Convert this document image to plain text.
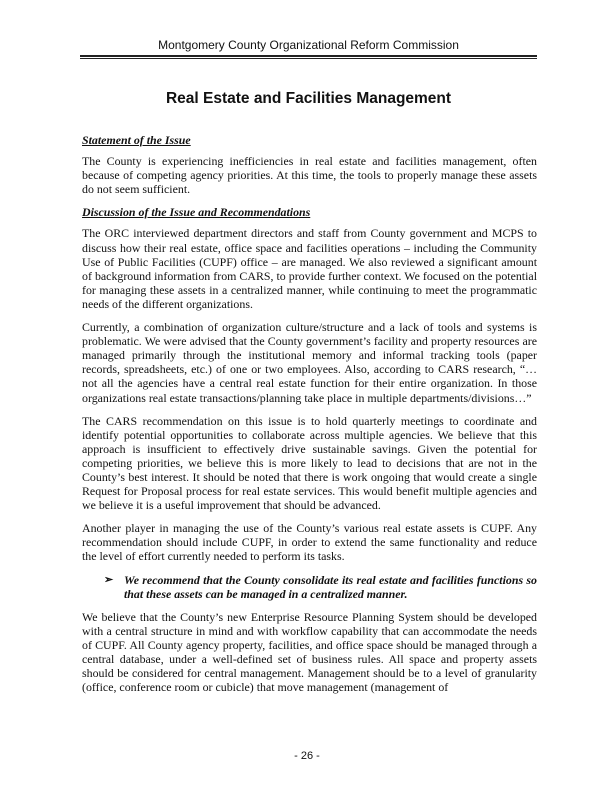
Montgomery County Organizational Reform Commission
Real Estate and Facilities Management
Statement of the Issue

The County is experiencing inefficiencies in real estate and facilities management, often because of competing agency priorities. At this time, the tools to properly manage these assets do not seem sufficient.

Discussion of the Issue and Recommendations

The ORC interviewed department directors and staff from County government and MCPS to discuss how their real estate, office space and facilities operations – including the Community Use of Public Facilities (CUPF) office – are managed. We also reviewed a significant amount of background information from CARS, to provide further context. We focused on the potential for managing these assets in a centralized manner, while continuing to meet the programmatic needs of the different organizations.

Currently, a combination of organization culture/structure and a lack of tools and systems is problematic. We were advised that the County government’s facility and property resources are managed primarily through the institutional memory and informal tracking tools (paper records, spreadsheets, etc.) of one or two employees. Also, according to CARS research, “…not all the agencies have a central real estate function for their entire organization. In those organizations real estate transactions/planning take place in multiple departments/divisions…”

The CARS recommendation on this issue is to hold quarterly meetings to coordinate and identify potential opportunities to collaborate across multiple agencies. We believe that this approach is insufficient to effectively drive sustainable savings. Given the potential for competing priorities, we believe this is more likely to lead to decisions that are not in the County’s best interest. It should be noted that there is work ongoing that would create a single Request for Proposal process for real estate services. This would benefit multiple agencies and we believe it is a useful improvement that should be advanced.

Another player in managing the use of the County’s various real estate assets is CUPF. Any recommendation should include CUPF, in order to extend the same functionality and reduce the level of effort currently needed to perform its tasks.

➢ We recommend that the County consolidate its real estate and facilities functions so that these assets can be managed in a centralized manner.

We believe that the County’s new Enterprise Resource Planning System should be developed with a central structure in mind and with workflow capability that can accommodate the needs of CUPF. All County agency property, facilities, and office space should be managed through a central database, under a well-defined set of business rules. All space and property assets should be considered for central management. Management should be to a level of granularity (office, conference room or cubicle) that move management (management of

- 26 -
